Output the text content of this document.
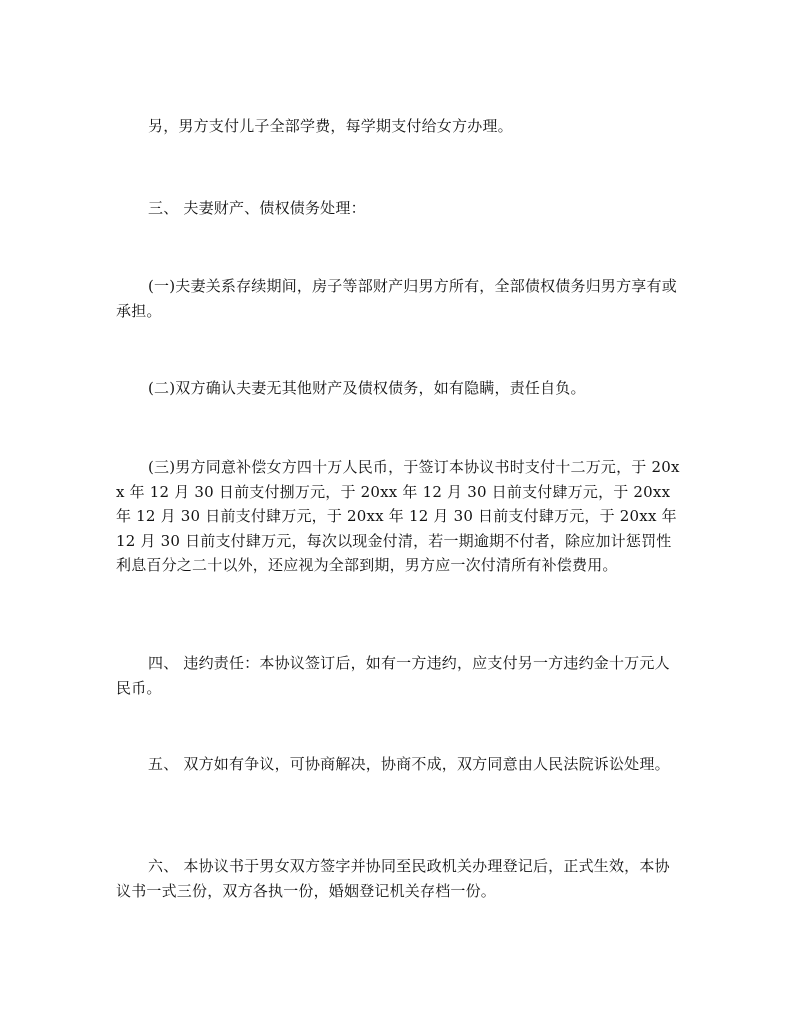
另，男方支付儿子全部学费，每学期支付给女方办理。

三、 夫妻财产、债权债务处理：

(一)夫妻关系存续期间，房子等部财产归男方所有，全部债权债务归男方享有或承担。

(二)双方确认夫妻无其他财产及债权债务，如有隐瞒，责任自负。

(三)男方同意补偿女方四十万人民币，于签订本协议书时支付十二万元，于 20xx 年 12 月 30 日前支付捌万元，于 20xx 年 12 月 30 日前支付肆万元，于 20xx 年 12 月 30 日前支付肆万元，于 20xx 年 12 月 30 日前支付肆万元，于 20xx 年 12 月 30 日前支付肆万元，每次以现金付清，若一期逾期不付者，除应加计惩罚性利息百分之二十以外，还应视为全部到期，男方应一次付清所有补偿费用。

四、 违约责任：本协议签订后，如有一方违约，应支付另一方违约金十万元人民币。

五、 双方如有争议，可协商解决，协商不成，双方同意由人民法院诉讼处理。

六、 本协议书于男女双方签字并协同至民政机关办理登记后，正式生效，本协议书一式三份，双方各执一份，婚姻登记机关存档一份。
